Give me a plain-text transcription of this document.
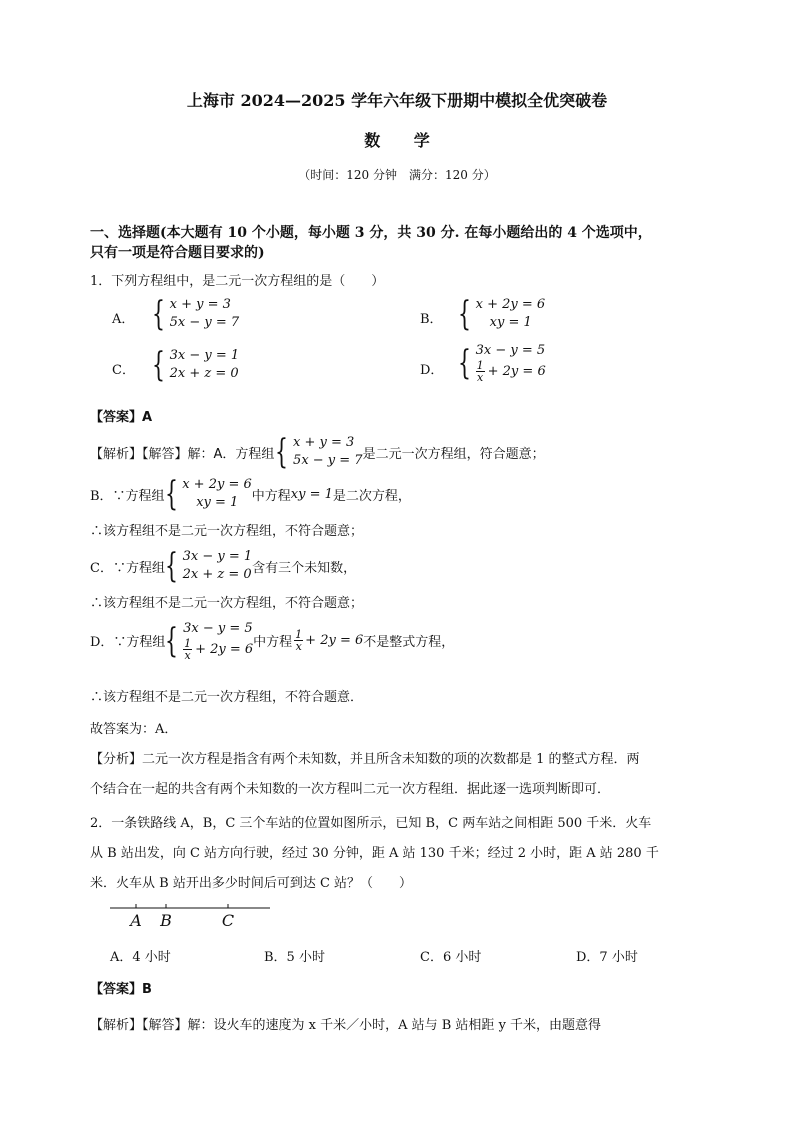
上海市 2024—2025 学年六年级下册期中模拟全优突破卷
数 学
（时间：120 分钟　满分：120 分）
一、选择题(本大题有 10 个小题，每小题 3 分，共 30 分. 在每小题给出的 4 个选项中，
只有一项是符合题目要求的)
1．下列方程组中，是二元一次方程组的是（　　）
A． { x + y = 3
5x − y = 7	B． { x + 2y = 6
xy = 1
C． { 3x − y = 1
2x + z = 0	D． { 3x − y = 5
$\frac{1}{x} + 2y = 6$
【答案】A
【解析】【解答】解：A．方程组 { x + y = 3
5x − y = 7 是二元一次方程组，符合题意；
B．∵方程组 { x + 2y = 6
xy = 1	中方程 xy = 1 是二次方程，
∴该方程组不是二元一次方程组，不符合题意；
C．∵方程组 { 3x − y = 1
2x + z = 0 含有三个未知数，
∴该方程组不是二元一次方程组，不符合题意；
D．∵方程组 { 3x − y = 5
$\frac{1}{x} + 2y = 6$ 中方程 $\frac{1}{x} + 2y = 6$ 不是整式方程，
∴该方程组不是二元一次方程组，不符合题意．
故答案为：A．
【分析】二元一次方程是指含有两个未知数，并且所含未知数的项的次数都是 1 的整式方程．两
个结合在一起的共含有两个未知数的一次方程叫二元一次方程组．据此逐一选项判断即可．
2．一条铁路线 A，B，C 三个车站的位置如图所示，已知 B，C 两车站之间相距 500 千米．火车
从 B 站出发，向 C 站方向行驶，经过 30 分钟，距 A 站 130 千米；经过 2 小时，距 A 站 280 千
米．火车从 B 站开出多少时间后可到达 C 站？（　　）
A B	C
A．4 小时	B．5 小时	C．6 小时	D．7 小时
【答案】B
【解析】【解答】解：设火车的速度为 x 千米／小时，A 站与 B 站相距 y 千米，由题意得
